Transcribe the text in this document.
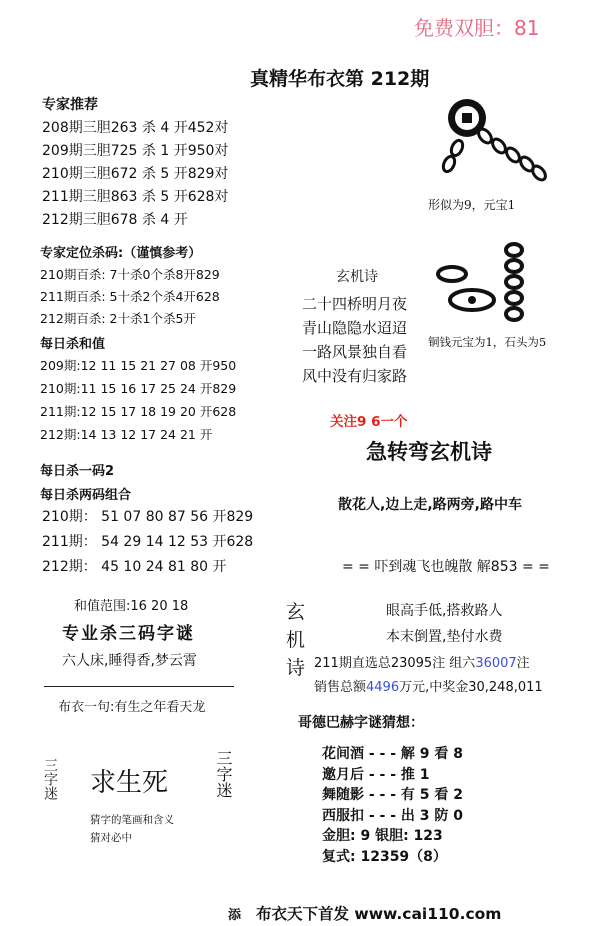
免费双胆：81
真精华布衣第 212期
专家推荐
208期三胆263 杀 4 开452对
209期三胆725 杀 1 开950对
210期三胆672 杀 5 开829对
211期三胆863 杀 5 开628对
212期三胆678 杀 4 开
专家定位杀码:（谨慎参考）
210期百杀: 7十杀0个杀8开829
211期百杀: 5十杀2个杀4开628
212期百杀: 2十杀1个杀5开
每日杀和值
209期:12 11 15 21 27 08 开950
210期:11 15 16 17 25 24 开829
211期:12 15 17 18 19 20 开628
212期:14 13 12 17 24 21 开
每日杀一码2
每日杀两码组合
210期： 51 07 80 87 56 开829
211期： 54 29 14 12 53 开628
212期： 45 10 24 81 80 开
和值范围:16 20 18
专业杀三码字谜
六人床,睡得香,梦云霄
布衣一句:有生之年看天龙
三字迷 求生死	三字迷
猜字的笔画和含义
猜对必中
形似为9，元宝1
铜钱元宝为1，石头为5
玄机诗
二十四桥明月夜
青山隐隐水迢迢
一路风景独自看
风中没有归家路
关注9 6一个
急转弯玄机诗
散花人,边上走,路两旁,路中车
= = 吓到魂飞也魄散 解853 = =
玄
机
诗
眼高手低,搭救路人
本末倒置,垫付水费
211期直选总23095注 组六36007注
销售总额4496万元,中奖金30,248,011
哥德巴赫字谜猜想：
花间酒 - - - 解 9 看 8
邀月后 - - - 推 1
舞随影 - - - 有 5 看 2
西服扣 - - - 出 3 防 0
金胆: 9 银胆: 123
复式: 12359（8）
添 布衣天下首发 www.cai110.com
